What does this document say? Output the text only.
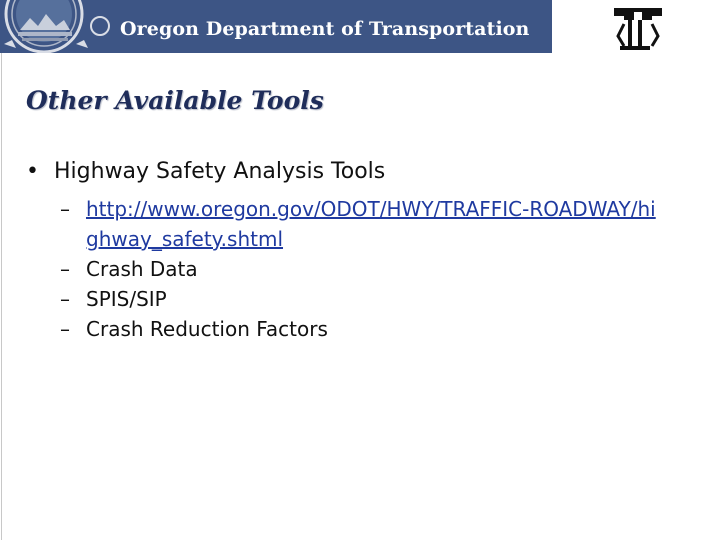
Oregon Department of Transportation
Other Available Tools
• Highway Safety Analysis Tools
– http://www.oregon.gov/ODOT/HWY/TRAFFIC-ROADWAY/highway_safety.shtml
– Crash Data
– SPIS/SIP
– Crash Reduction Factors
